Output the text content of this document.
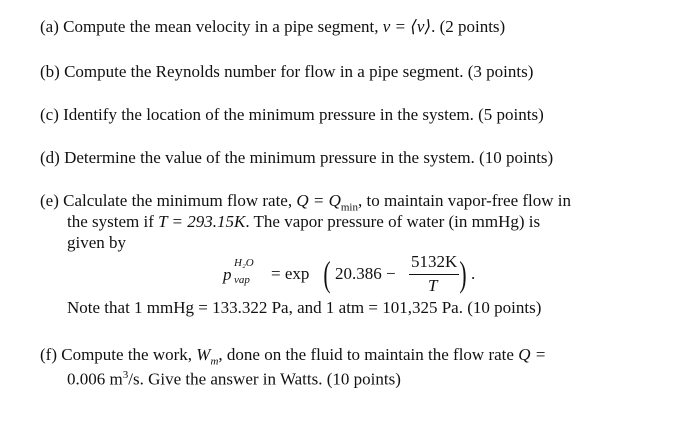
(a) Compute the mean velocity in a pipe segment, v = ⟨v⟩. (2 points)
(b) Compute the Reynolds number for flow in a pipe segment. (3 points)
(c) Identify the location of the minimum pressure in the system. (5 points)
(d) Determine the value of the minimum pressure in the system. (10 points)
(e) Calculate the minimum flow rate, $Q = Q_{min}$, to maintain vapor-free flow in
the system if T = 293.15K. The vapor pressure of water (in mmHg) is
given by
p
H₂O
vap = exp ( 20.386 −
5132K
T ) .
Note that 1 mmHg = 133.322 Pa, and 1 atm = 101,325 Pa. (10 points)
(f) Compute the work, $W_m$, done on the fluid to maintain the flow rate Q =
0.006 $m^3/s$. Give the answer in Watts. (10 points)
